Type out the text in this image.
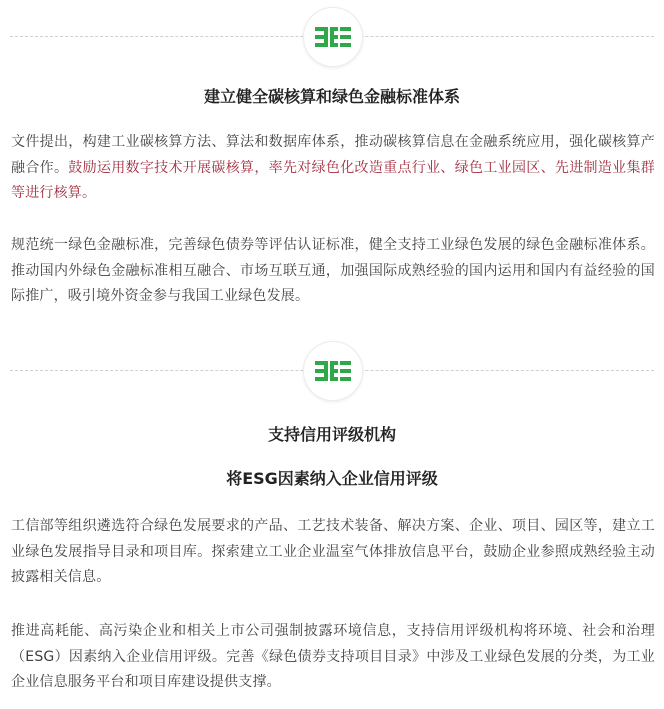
建立健全碳核算和绿色金融标准体系

文件提出，构建工业碳核算方法、算法和数据库体系，推动碳核算信息在金融系统应用，强化碳核算产融合作。鼓励运用数字技术开展碳核算，率先对绿色化改造重点行业、绿色工业园区、先进制造业集群等进行核算。

规范统一绿色金融标准，完善绿色债券等评估认证标准，健全支持工业绿色发展的绿色金融标准体系。推动国内外绿色金融标准相互融合、市场互联互通，加强国际成熟经验的国内运用和国内有益经验的国际推广，吸引境外资金参与我国工业绿色发展。

支持信用评级机构
将ESG因素纳入企业信用评级

工信部等组织遴选符合绿色发展要求的产品、工艺技术装备、解决方案、企业、项目、园区等，建立工业绿色发展指导目录和项目库。探索建立工业企业温室气体排放信息平台，鼓励企业参照成熟经验主动披露相关信息。

推进高耗能、高污染企业和相关上市公司强制披露环境信息，支持信用评级机构将环境、社会和治理（ESG）因素纳入企业信用评级。完善《绿色债券支持项目目录》中涉及工业绿色发展的分类，为工业企业信息服务平台和项目库建设提供支撑。
